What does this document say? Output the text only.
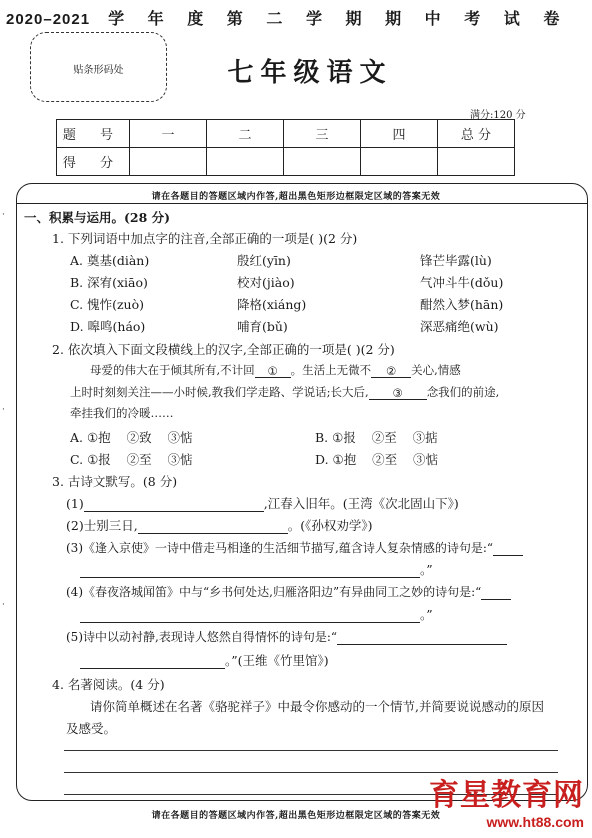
2020–2021 学 年 度 第 二 学 期 期 中 考 试 卷
贴条形码处	七年级语文
满分:120 分
题 号	一	二	三	四	总 分
得 分					
·
·
·
请在各题目的答题区域内作答,超出黑色矩形边框限定区域的答案无效
一、积累与运用。(28 分)
1. 下列词语中加点字的注音,全部正确的一项是( )(2 分)
A. 奠基(diàn)	殷红(yīn)	锋芒毕露(lù)
B. 深宥(xiāo)	校对(jiào)	气冲斗牛(dǒu)
C. 愧怍(zuò)	降格(xiáng)	酣然入梦(hān)
D. 嗥鸣(háo)	哺育(bǔ)	深恶痛绝(wù)
2. 依次填入下面文段横线上的汉字,全部正确的一项是( )(2 分)
母爱的伟大在于倾其所有,不计回 ① 。生活上无微不 ② 关心,情感
上时时刻刻关注——小时候,教我们学走路、学说话;长大后, ③ 念我们的前途,
牵挂我们的冷暖……
A. ①抱    ②致    ③惦	B. ①报    ②至    ③掂
C. ①报    ②至    ③惦	D. ①抱    ②至    ③惦
3. 古诗文默写。(8 分)
(1)	,江春入旧年。(王湾《次北固山下》)
(2)士别三日,	。(《孙权劝学》)
(3)《逢入京使》一诗中借走马相逢的生活细节描写,蕴含诗人复杂情感的诗句是:“
。”
(4)《春夜洛城闻笛》中与“乡书何处达,归雁洛阳边”有异曲同工之妙的诗句是:“
。”
(5)诗中以动衬静,表现诗人悠然自得情怀的诗句是:“
。”(王维《竹里馆》)
4. 名著阅读。(4 分)
请你简单概述在名著《骆驼祥子》中最令你感动的一个情节,并简要说说感动的原因
及感受。
请在各题目的答题区域内作答,超出黑色矩形边框限定区域的答案无效
育星教育网
www.ht88.com
